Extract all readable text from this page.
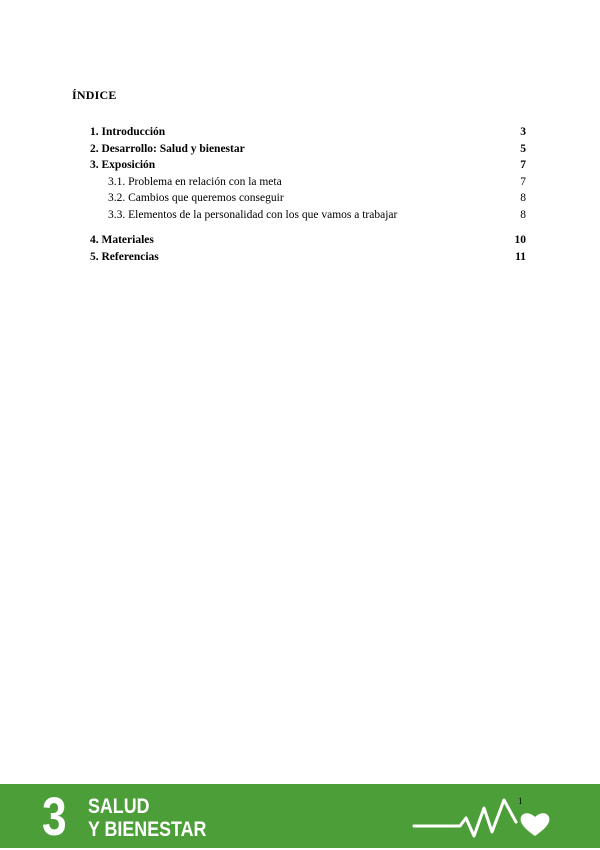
ÍNDICE
1. Introducción	3
2. Desarrollo: Salud y bienestar	5
3. Exposición	7
3.1. Problema en relación con la meta	7
3.2. Cambios que queremos conseguir	8
3.3. Elementos de la personalidad con los que vamos a trabajar	8
4. Materiales	10
5. Referencias	11
3 SALUD
Y BIENESTAR
1
